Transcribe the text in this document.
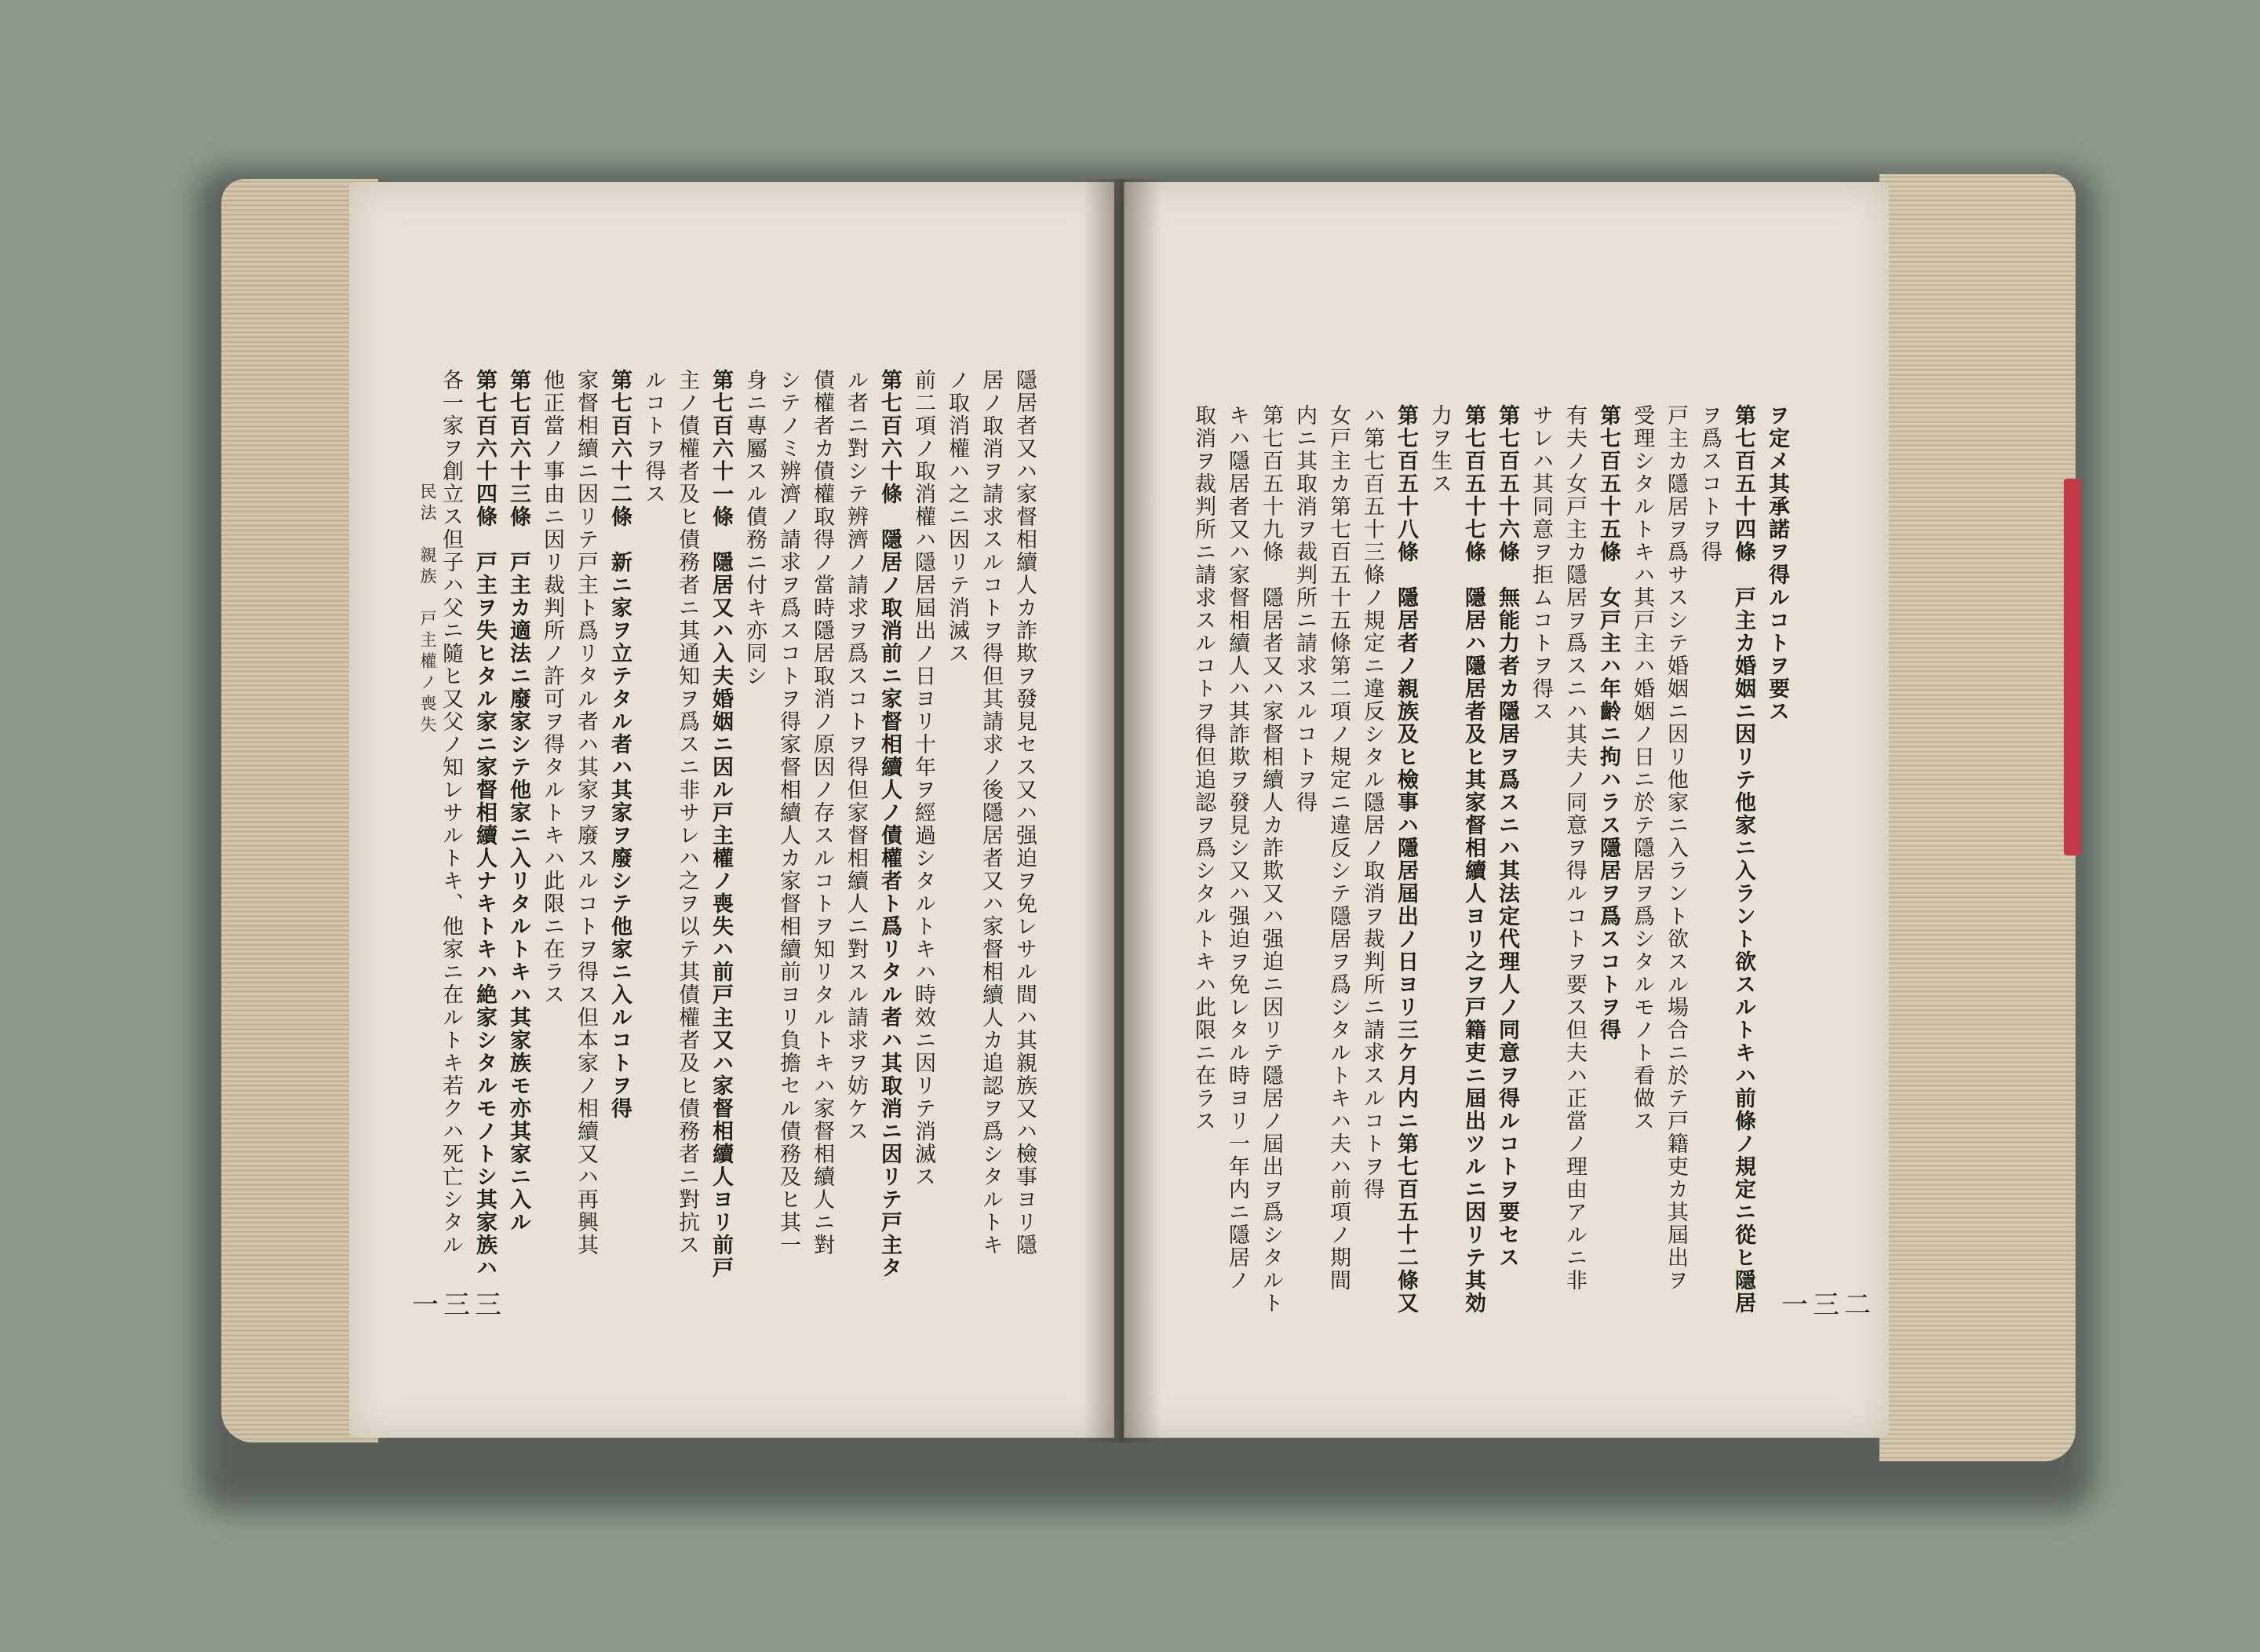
民法　親族　戸主權ノ喪失	隱居者又ハ家督相續人カ詐欺ヲ發見セス又ハ强迫ヲ免レサル間ハ其親族又ハ檢事ヨリ隱
居ノ取消ヲ請求スルコトヲ得但其請求ノ後隱居者又ハ家督相續人カ追認ヲ爲シタルトキ
ノ取消權ハ之ニ因リテ消滅ス
前二項ノ取消權ハ隱居屆出ノ日ヨリ十年ヲ經過シタルトキハ時效ニ因リテ消滅ス
第七百六十條　隱居ノ取消前ニ家督相續人ノ債權者ト爲リタル者ハ其取消ニ因リテ戸主タ
ル者ニ對シテ辨濟ノ請求ヲ爲スコトヲ得但家督相續人ニ對スル請求ヲ妨ケス
債權者カ債權取得ノ當時隱居取消ノ原因ノ存スルコトヲ知リタルトキハ家督相續人ニ對
シテノミ辨濟ノ請求ヲ爲スコトヲ得家督相續人カ家督相續前ヨリ負擔セル債務及ヒ其一
身ニ專屬スル債務ニ付キ亦同シ
第七百六十一條　隱居又ハ入夫婚姻ニ因ル戸主權ノ喪失ハ前戸主又ハ家督相續人ヨリ前戸
主ノ債權者及ヒ債務者ニ其通知ヲ爲スニ非サレハ之ヲ以テ其債權者及ヒ債務者ニ對抗ス
ルコトヲ得ス
第七百六十二條　新ニ家ヲ立テタル者ハ其家ヲ廢シテ他家ニ入ルコトヲ得
家督相續ニ因リテ戸主ト爲リタル者ハ其家ヲ廢スルコトヲ得ス但本家ノ相續又ハ再興其
他正當ノ事由ニ因リ裁判所ノ許可ヲ得タルトキハ此限ニ在ラス
第七百六十三條　戸主カ適法ニ廢家シテ他家ニ入リタルトキハ其家族モ亦其家ニ入ル
第七百六十四條　戸主ヲ失ヒタル家ニ家督相續人ナキトキハ絶家シタルモノトシ其家族ハ
各一家ヲ創立ス但子ハ父ニ隨ヒ又父ノ知レサルトキ、他家ニ在ルトキ若クハ死亡シタル
一三三
ヲ定メ其承諾ヲ得ルコトヲ要ス
第七百五十四條　戸主カ婚姻ニ因リテ他家ニ入ラント欲スルトキハ前條ノ規定ニ從ヒ隱居
ヲ爲スコトヲ得
戸主カ隱居ヲ爲サスシテ婚姻ニ因リ他家ニ入ラント欲スル場合ニ於テ戸籍吏カ其屆出ヲ
受理シタルトキハ其戸主ハ婚姻ノ日ニ於テ隱居ヲ爲シタルモノト看做ス
第七百五十五條　女戸主ハ年齡ニ拘ハラス隱居ヲ爲スコトヲ得
有夫ノ女戸主カ隱居ヲ爲スニハ其夫ノ同意ヲ得ルコトヲ要ス但夫ハ正當ノ理由アルニ非
サレハ其同意ヲ拒ムコトヲ得ス
第七百五十六條　無能力者カ隱居ヲ爲スニハ其法定代理人ノ同意ヲ得ルコトヲ要セス
第七百五十七條　隱居ハ隱居者及ヒ其家督相續人ヨリ之ヲ戸籍吏ニ屆出ツルニ因リテ其効
力ヲ生ス
第七百五十八條　隱居者ノ親族及ヒ檢事ハ隱居屆出ノ日ヨリ三ケ月内ニ第七百五十二條又
ハ第七百五十三條ノ規定ニ違反シタル隱居ノ取消ヲ裁判所ニ請求スルコトヲ得
女戸主カ第七百五十五條第二項ノ規定ニ違反シテ隱居ヲ爲シタルトキハ夫ハ前項ノ期間
内ニ其取消ヲ裁判所ニ請求スルコトヲ得
第七百五十九條　隱居者又ハ家督相續人カ詐欺又ハ强迫ニ因リテ隱居ノ屆出ヲ爲シタルト
キハ隱居者又ハ家督相續人ハ其詐欺ヲ發見シ又ハ强迫ヲ免レタル時ヨリ一年内ニ隱居ノ
取消ヲ裁判所ニ請求スルコトヲ得但追認ヲ爲シタルトキハ此限ニ在ラス
一三二
